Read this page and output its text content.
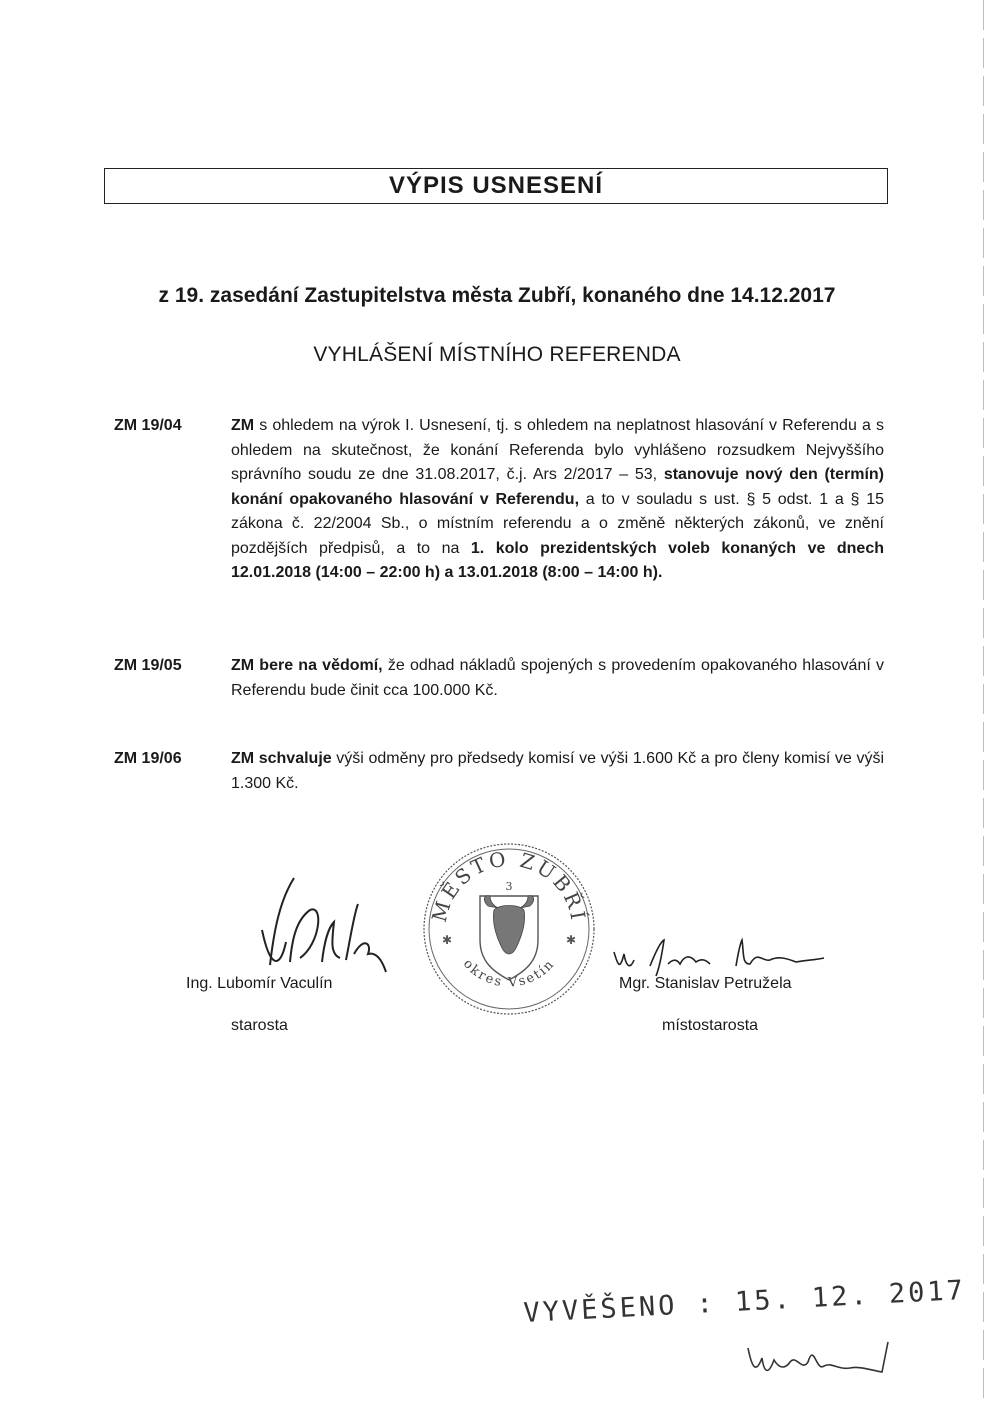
VÝPIS USNESENÍ
z 19. zasedání Zastupitelstva města Zubří, konaného dne 14.12.2017
VYHLÁŠENÍ MÍSTNÍHO REFERENDA
ZM 19/04	ZM s ohledem na výrok I. Usnesení, tj. s ohledem na neplatnost hlasování v Referendu a s ohledem na skutečnost, že konání Referenda bylo vyhlášeno rozsudkem Nejvyššího správního soudu ze dne 31.08.2017, č.j. Ars 2/2017 – 53, stanovuje nový den (termín) konání opakovaného hlasování v Referendu, a to v souladu s ust. § 5 odst. 1 a § 15 zákona č. 22/2004 Sb., o místním referendu a o změně některých zákonů, ve znění pozdějších předpisů, a to na 1. kolo prezidentských voleb konaných ve dnech 12.01.2018 (14:00 – 22:00 h) a 13.01.2018 (8:00 – 14:00 h).
ZM 19/05	ZM bere na vědomí, že odhad nákladů spojených s provedením opakovaného hlasování v Referendu bude činit cca 100.000 Kč.
ZM 19/06	ZM schvaluje výši odměny pro předsedy komisí ve výši 1.600 Kč a pro členy komisí ve výši 1.300 Kč.
Ing. Lubomír Vaculín
starosta
MĚSTO ZUBŘÍ
okres Vsetín
3
✱	✱
Mgr. Stanislav Petružela
místostarosta
VYVĚŠENO : 15. 12. 2017
